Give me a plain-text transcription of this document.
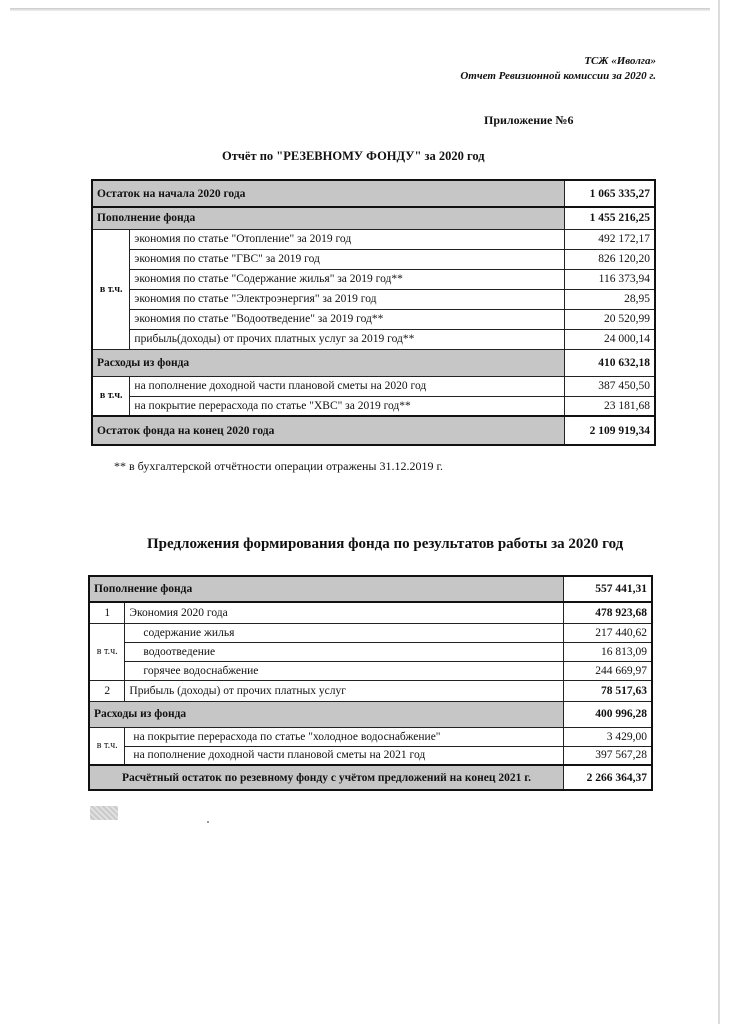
ТСЖ «Иволга»
Отчет Ревизионной комиссии за 2020 г.
Приложение №6
Отчёт по "РЕЗЕВНОМУ ФОНДУ" за 2020 год
Остаток на начала 2020 года		1 065 335,27
Пополнение фонда		1 455 216,25
в т.ч.	экономия по статье "Отопление" за 2019 год	492 172,17
	экономия по статье "ГВС" за 2019 год	826 120,20
	экономия по статье "Содержание жилья" за 2019 год**	116 373,94
	экономия по статье "Электроэнергия" за 2019 год	28,95
	экономия по статье "Водоотведение" за 2019 год**	20 520,99
	прибыль(доходы) от прочих платных услуг за 2019 год**	24 000,14
Расходы из фонда		410 632,18
в т.ч.	на пополнение доходной части плановой сметы на 2020 год	387 450,50
	на покрытие перерасхода по статье "ХВС" за 2019 год**	23 181,68
Остаток фонда на конец 2020 года		2 109 919,34
** в бухгалтерской отчётности операции отражены 31.12.2019 г.
Предложения формирования фонда по результатов работы за 2020 год
Пополнение фонда		557 441,31
1	Экономия 2020 года	478 923,68
в т.ч.	содержание жилья	217 440,62
	водоотведение	16 813,09
	горячее водоснабжение	244 669,97
2	Прибыль (доходы) от прочих платных услуг	78 517,63
Расходы из фонда		400 996,28
в т.ч.	на покрытие перерасхода по статье "холодное водоснабжение"	3 429,00
	на пополнение доходной части плановой сметы на 2021 год	397 567,28
Расчётный остаток по резевному фонду с учётом предложений на конец 2021 г.		2 266 364,37
